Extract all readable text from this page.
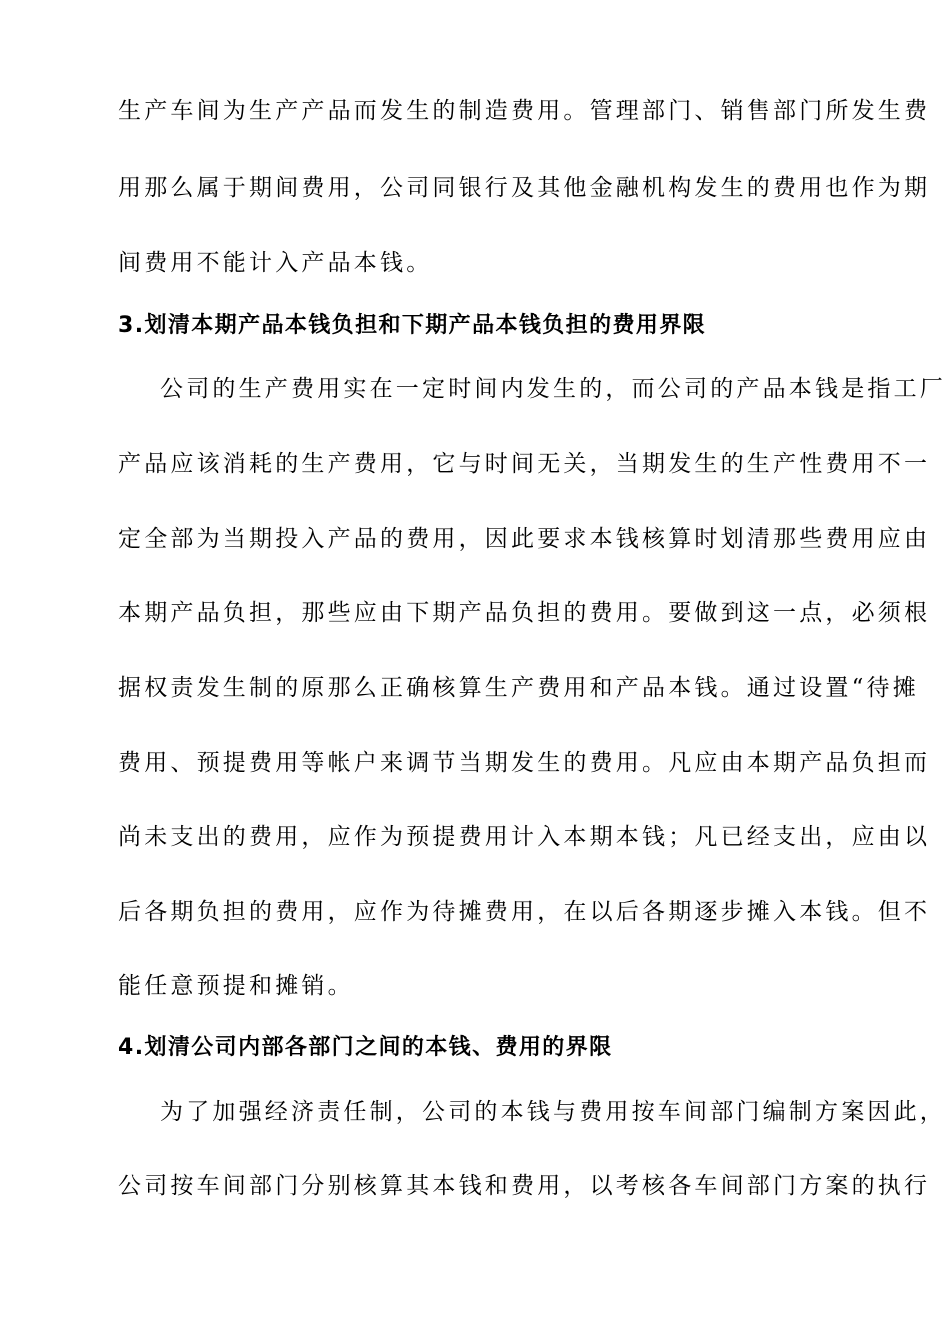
生产车间为生产产品而发生的制造费用。管理部门、销售部门所发生费
用那么属于期间费用，公司同银行及其他金融机构发生的费用也作为期
间费用不能计入产品本钱。
3.划清本期产品本钱负担和下期产品本钱负担的费用界限
公司的生产费用实在一定时间内发生的，而公司的产品本钱是指工厂
产品应该消耗的生产费用，它与时间无关，当期发生的生产性费用不一
定全部为当期投入产品的费用，因此要求本钱核算时划清那些费用应由
本期产品负担，那些应由下期产品负担的费用。要做到这一点，必须根
据权责发生制的原那么正确核算生产费用和产品本钱。通过设置“待摊
费用、预提费用等帐户来调节当期发生的费用。凡应由本期产品负担而
尚未支出的费用，应作为预提费用计入本期本钱；凡已经支出，应由以
后各期负担的费用，应作为待摊费用，在以后各期逐步摊入本钱。但不
能任意预提和摊销。
4.划清公司内部各部门之间的本钱、费用的界限
为了加强经济责任制，公司的本钱与费用按车间部门编制方案因此，
公司按车间部门分别核算其本钱和费用，以考核各车间部门方案的执行
